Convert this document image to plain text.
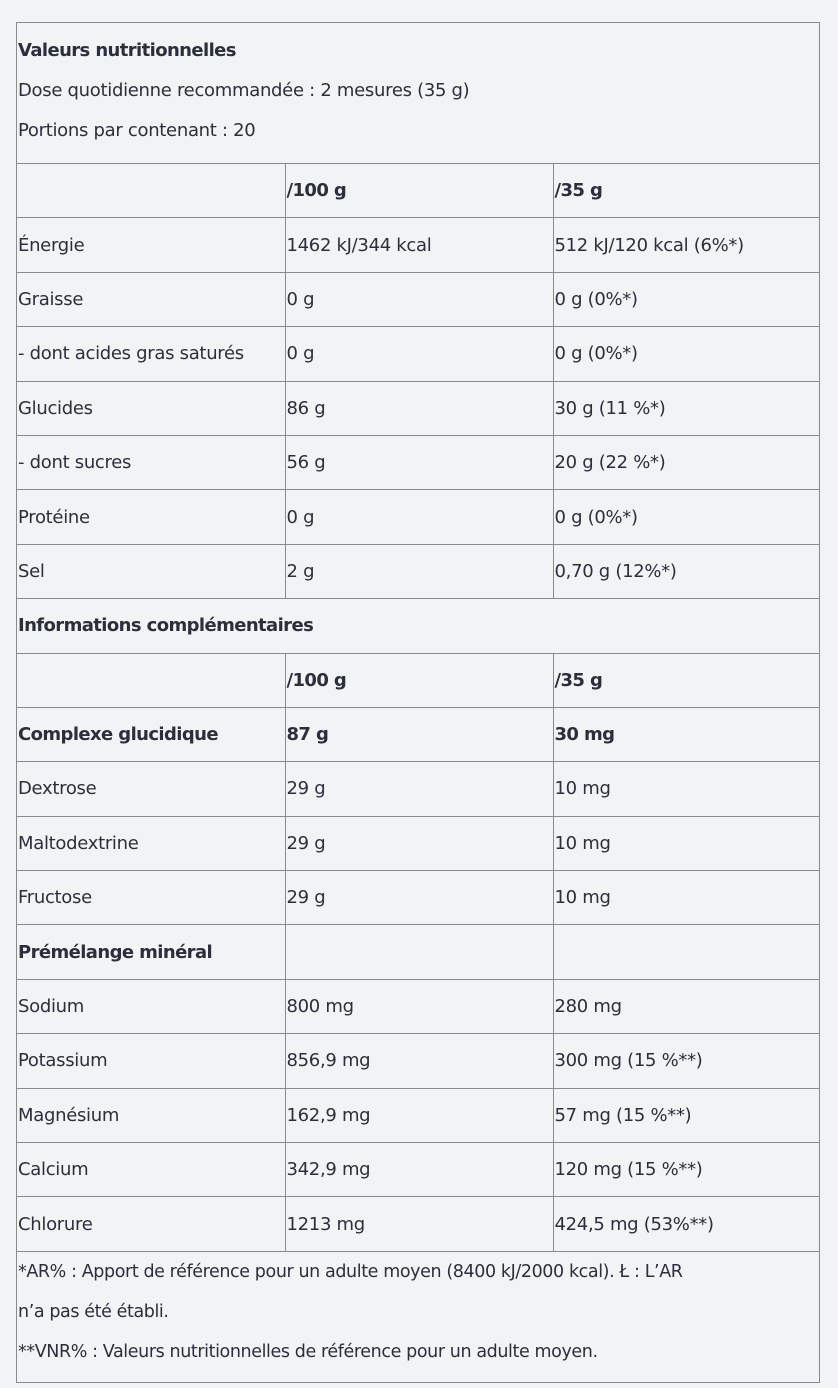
Valeurs nutritionnelles
Dose quotidienne recommandée : 2 mesures (35 g)
Portions par contenant : 20
	/100 g	/35 g
Énergie	1462 kJ/344 kcal	512 kJ/120 kcal (6%*)
Graisse	0 g	0 g (0%*)
- dont acides gras saturés	0 g	0 g (0%*)
Glucides	86 g	30 g (11 %*)
- dont sucres	56 g	20 g (22 %*)
Protéine	0 g	0 g (0%*)
Sel	2 g	0,70 g (12%*)
Informations complémentaires		
	/100 g	/35 g
Complexe glucidique	87 g	30 mg
Dextrose	29 g	10 mg
Maltodextrine	29 g	10 mg
Fructose	29 g	10 mg
Prémélange minéral		
Sodium	800 mg	280 mg
Potassium	856,9 mg	300 mg (15 %**)
Magnésium	162,9 mg	57 mg (15 %**)
Calcium	342,9 mg	120 mg (15 %**)
Chlorure	1213 mg	424,5 mg (53%**)
*AR% : Apport de référence pour un adulte moyen (8400 kJ/2000 kcal). Ł : L’AR
n’a pas été établi.
**VNR% : Valeurs nutritionnelles de référence pour un adulte moyen.
